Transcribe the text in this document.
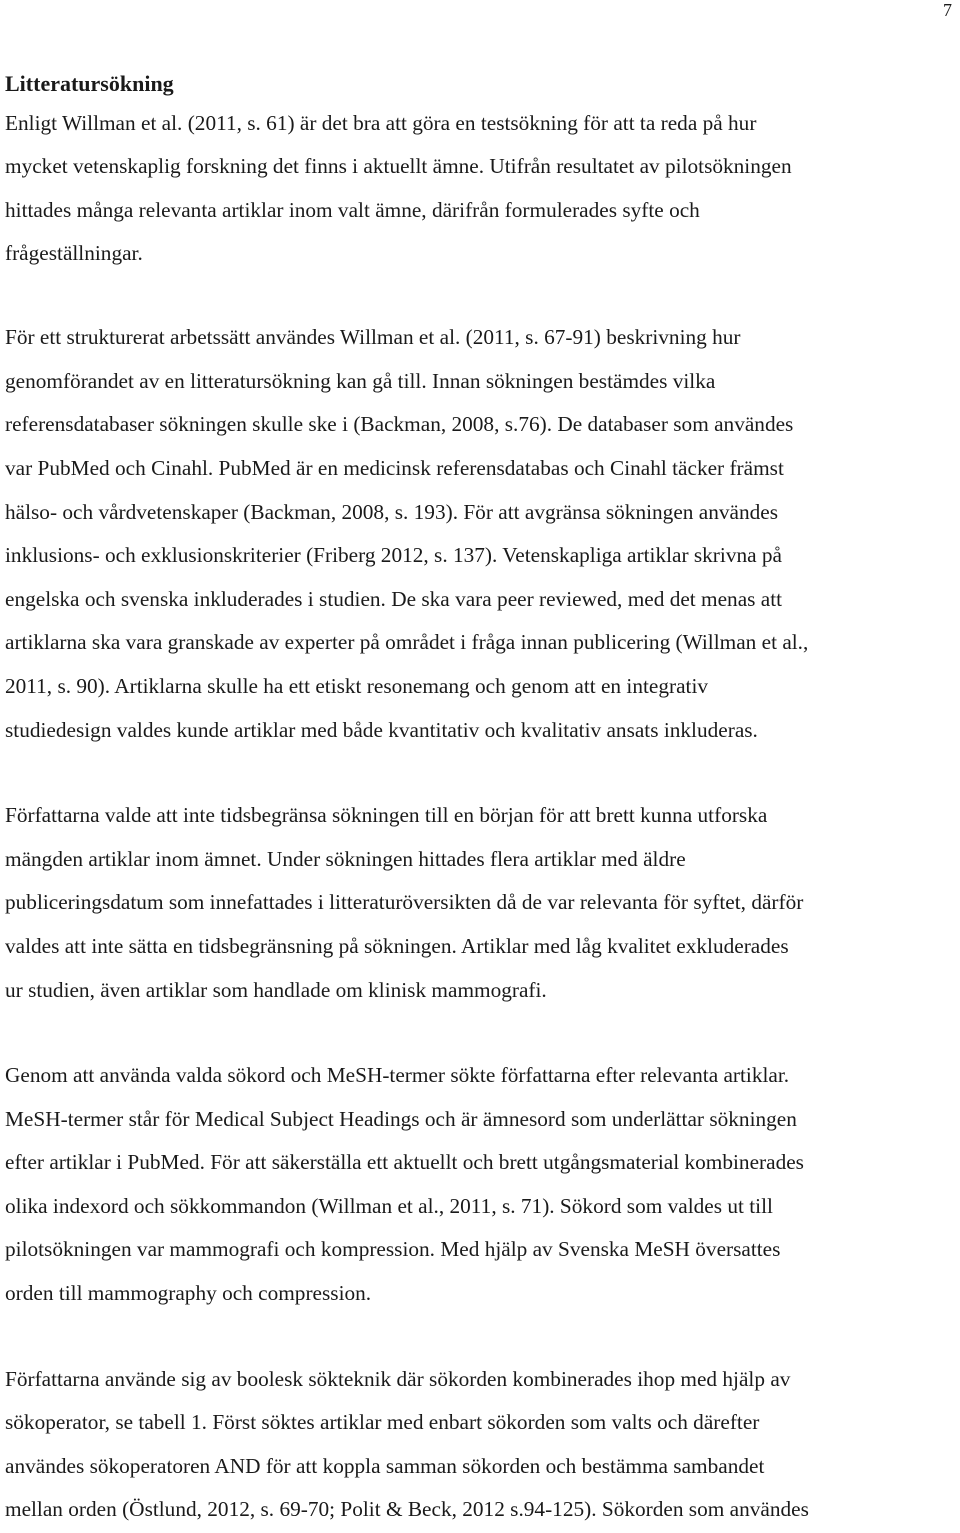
7
Litteratursökning
Enligt Willman et al. (2011, s. 61) är det bra att göra en testsökning för att ta reda på hur
mycket vetenskaplig forskning det finns i aktuellt ämne. Utifrån resultatet av pilotsökningen
hittades många relevanta artiklar inom valt ämne, därifrån formulerades syfte och
frågeställningar.
För ett strukturerat arbetssätt användes Willman et al. (2011, s. 67-91) beskrivning hur
genomförandet av en litteratursökning kan gå till. Innan sökningen bestämdes vilka
referensdatabaser sökningen skulle ske i (Backman, 2008, s.76). De databaser som användes
var PubMed och Cinahl. PubMed är en medicinsk referensdatabas och Cinahl täcker främst
hälso- och vårdvetenskaper (Backman, 2008, s. 193). För att avgränsa sökningen användes
inklusions- och exklusionskriterier (Friberg 2012, s. 137). Vetenskapliga artiklar skrivna på
engelska och svenska inkluderades i studien. De ska vara peer reviewed, med det menas att
artiklarna ska vara granskade av experter på området i fråga innan publicering (Willman et al.,
2011, s. 90). Artiklarna skulle ha ett etiskt resonemang och genom att en integrativ
studiedesign valdes kunde artiklar med både kvantitativ och kvalitativ ansats inkluderas.
Författarna valde att inte tidsbegränsa sökningen till en början för att brett kunna utforska
mängden artiklar inom ämnet. Under sökningen hittades flera artiklar med äldre
publiceringsdatum som innefattades i litteraturöversikten då de var relevanta för syftet, därför
valdes att inte sätta en tidsbegränsning på sökningen. Artiklar med låg kvalitet exkluderades
ur studien, även artiklar som handlade om klinisk mammografi.
Genom att använda valda sökord och MeSH-termer sökte författarna efter relevanta artiklar.
MeSH-termer står för Medical Subject Headings och är ämnesord som underlättar sökningen
efter artiklar i PubMed. För att säkerställa ett aktuellt och brett utgångsmaterial kombinerades
olika indexord och sökkommandon (Willman et al., 2011, s. 71). Sökord som valdes ut till
pilotsökningen var mammografi och kompression. Med hjälp av Svenska MeSH översattes
orden till mammography och compression.
Författarna använde sig av boolesk sökteknik där sökorden kombinerades ihop med hjälp av
sökoperator, se tabell 1. Först söktes artiklar med enbart sökorden som valts och därefter
användes sökoperatoren AND för att koppla samman sökorden och bestämma sambandet
mellan orden (Östlund, 2012, s. 69-70; Polit & Beck, 2012 s.94-125). Sökorden som användes
